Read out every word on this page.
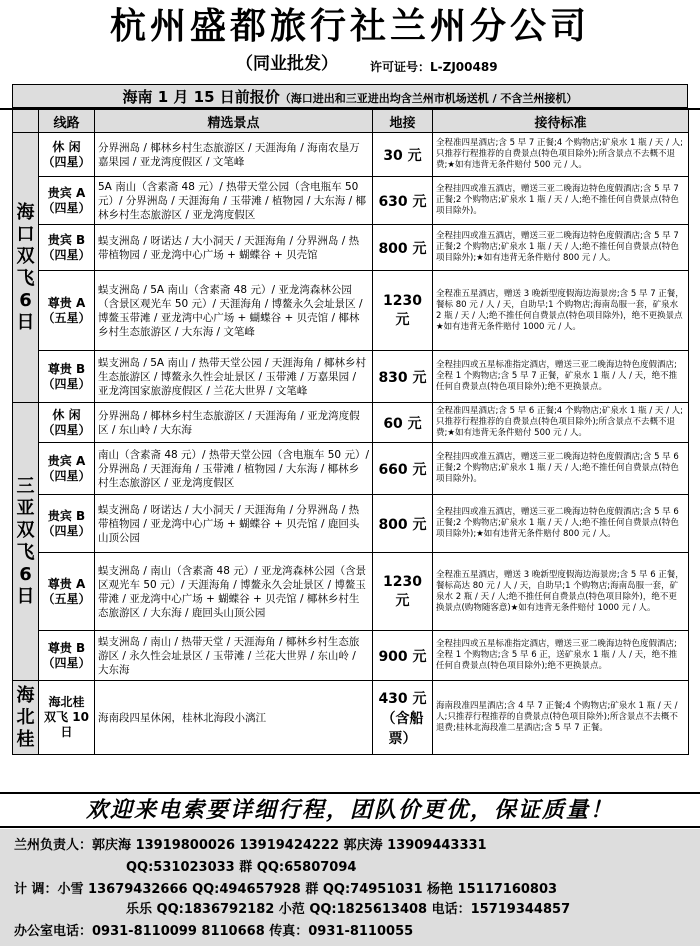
杭州盛都旅行社兰州分公司
（同业批发）	许可证号：L-ZJ00489
海南 1 月 15 日前报价（海口进出和三亚进出均含兰州市机场送机 / 不含兰州接机）
	线路	精选景点	地接	接待标准

海口双飞6日	休 闲（四星）	分界洲岛 / 椰林乡村生态旅游区 / 天涯海角 / 海南农垦万嘉果园 / 亚龙湾度假区 / 文笔峰	30 元	全程准四星酒店;含 5 早 7 正餐;4 个购物店;矿泉水 1 瓶 / 天 / 人;只推荐行程推荐的自费景点(特色项目除外);所含景点不去概不退费;★如有违背无条件赔付 500 元 / 人。
	贵宾 A（四星）	5A 南山（含素斋 48 元）/ 热带天堂公园（含电瓶车 50 元）/ 分界洲岛 / 天涯海角 / 玉带滩 / 植物园 / 大东海 / 椰林乡村生态旅游区 / 亚龙湾度假区	630 元	全程挂四或准五酒店，赠送三亚二晚海边特色度假酒店;含 5 早 7 正餐;2 个购物店;矿泉水 1 瓶 / 天 / 人;绝不推任何自费景点(特色项目除外)。
	贵宾 B（四星）	蜈支洲岛 / 呀诺达 / 大小洞天 / 天涯海角 / 分界洲岛 / 热带植物园 / 亚龙湾中心广场 + 蝴蝶谷 + 贝壳馆	800 元	全程挂四或准五酒店，赠送三亚二晚海边特色度假酒店;含 5 早 7 正餐;2 个购物店;矿泉水 1 瓶 / 天 / 人;绝不推任何自费景点(特色项目除外);★如有违背无条件赔付 800 元 / 人。
	尊贵 A（五星）	蜈支洲岛 / 5A 南山（含素斋 48 元）/ 亚龙湾森林公园（含景区观光车 50 元）/ 天涯海角 / 博鳌永久会址景区 / 博鳌玉带滩 / 亚龙湾中心广场 + 蝴蝶谷 + 贝壳馆 / 椰林乡村生态旅游区 / 大东海 / 文笔峰	1230 元	全程准五星酒店，赠送 3 晚新型度假海边海景房;含 5 早 7 正餐，餐标 80 元 / 人 / 天，自助早;1 个购物店;海南岛服一套，矿泉水 2 瓶 / 天 / 人;绝不推任何自费景点(特色项目除外)，绝不更换景点★如有违背无条件赔付 1000 元 / 人。
	尊贵 B（四星）	蜈支洲岛 / 5A 南山 / 热带天堂公园 / 天涯海角 / 椰林乡村生态旅游区 / 博鳌永久性会址景区 / 玉带滩 / 万嘉果园 / 亚龙湾国家旅游度假区 / 兰花大世界 / 文笔峰	830 元	全程挂四或五星标准指定酒店，赠送三亚二晚海边特色度假酒店;全程 1 个购物店;含 5 早 7 正餐，矿泉水 1 瓶 / 人 / 天，绝不推任何自费景点(特色项目除外);绝不更换景点。

三亚双飞6日	休 闲（四星）	分界洲岛 / 椰林乡村生态旅游区 / 天涯海角 / 亚龙湾度假区 / 东山岭 / 大东海	60 元	全程准四星酒店;含 5 早 6 正餐;4 个购物店;矿泉水 1 瓶 / 天 / 人;只推荐行程推荐的自费景点(特色项目除外);所含景点不去概不退费;★如有违背无条件赔付 500 元 / 人。
	贵宾 A（四星）	南山（含素斋 48 元）/ 热带天堂公园（含电瓶车 50 元）/ 分界洲岛 / 天涯海角 / 玉带滩 / 植物园 / 大东海 / 椰林乡村生态旅游区 / 亚龙湾度假区	660 元	全程挂四或准五酒店，赠送三亚二晚海边特色度假酒店;含 5 早 6 正餐;2 个购物店;矿泉水 1 瓶 / 天 / 人;绝不推任何自费景点(特色项目除外)。
	贵宾 B（四星）	蜈支洲岛 / 呀诺达 / 大小洞天 / 天涯海角 / 分界洲岛 / 热带植物园 / 亚龙湾中心广场 + 蝴蝶谷 + 贝壳馆 / 鹿回头山顶公园	800 元	全程挂四或准五酒店，赠送三亚二晚海边特色度假酒店;含 5 早 6 正餐;2 个购物店;矿泉水 1 瓶 / 天 / 人;绝不推任何自费景点(特色项目除外);★如有违背无条件赔付 800 元 / 人。
	尊贵 A（五星）	蜈支洲岛 / 南山（含素斋 48 元）/ 亚龙湾森林公园（含景区观光车 50 元）/ 天涯海角 / 博鳌永久会址景区 / 博鳌玉带滩 / 亚龙湾中心广场 + 蝴蝶谷 + 贝壳馆 / 椰林乡村生态旅游区 / 大东海 / 鹿回头山顶公园	1230 元	全程准五星酒店，赠送 3 晚新型度假海边海景房;含 5 早 6 正餐，餐标高达 80 元 / 人 / 天，自助早;1 个购物店;海南岛服一套，矿泉水 2 瓶 / 天 / 人;绝不推任何自费景点(特色项目除外)，绝不更换景点(购物随客意)★如有违背无条件赔付 1000 元 / 人。
	尊贵 B（四星）	蜈支洲岛 / 南山 / 热带天堂 / 天涯海角 / 椰林乡村生态旅游区 / 永久性会址景区 / 玉带滩 / 兰花大世界 / 东山岭 / 大东海	900 元	全程挂四或五星标准指定酒店，赠送三亚二晚海边特色度假酒店;全程 1 个购物店;含 5 早 6 正，送矿泉水 1 瓶 / 人 / 天，绝不推任何自费景点(特色项目除外);绝不更换景点。

海北桂	海北桂 双飞 10 日	海南段四星休闲，桂林北海段小漓江	430 元（含船票）	海南段准四星酒店;含 4 早 7 正餐;4 个购物店;矿泉水 1 瓶 / 天 / 人;只推荐行程推荐的自费景点(特色项目除外);所含景点不去概不退费;桂林北海段准二星酒店;含 5 早 7 正餐。
欢迎来电索要详细行程，团队价更优，保证质量！
兰州负责人：郭庆海 13919800026 13919424222 郭庆涛 13909443331
QQ:531023033 群 QQ:65807094
计 调：小雪 13679432666 QQ:494657928 群 QQ:74951031 杨艳 15117160803
乐乐 QQ:1836792182 小范 QQ:1825613408 电话：15719344857
办公室电话：0931-8110099 8110668 传真：0931-8110055
